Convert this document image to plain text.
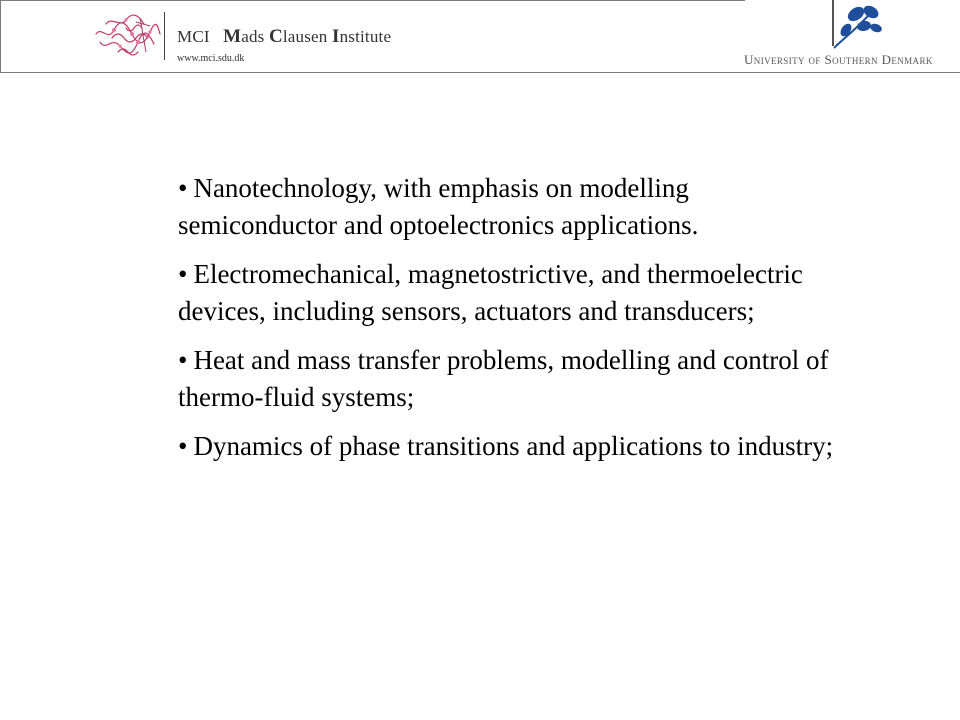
MCI Mads Clausen Institute
www.mci.sdu.dk	University of Southern Denmark
• Nanotechnology, with emphasis on modelling semiconductor and optoelectronics applications.
• Electromechanical, magnetostrictive, and thermoelectric devices, including sensors, actuators and transducers;
• Heat and mass transfer problems, modelling and control of thermo-fluid systems;
• Dynamics of phase transitions and applications to industry;
